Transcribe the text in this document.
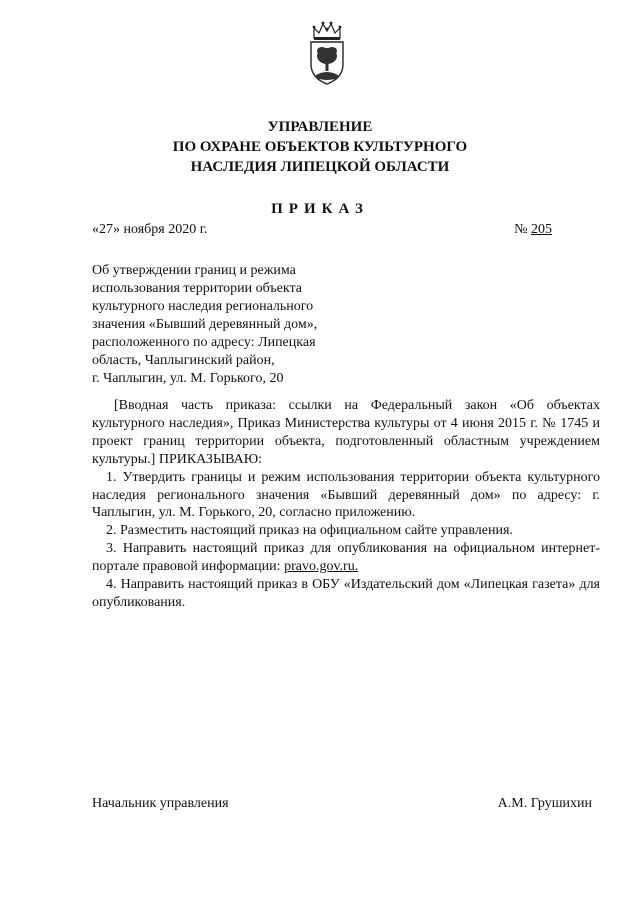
УПРАВЛЕНИЕ
ПО ОХРАНЕ ОБЪЕКТОВ КУЛЬТУРНОГО
НАСЛЕДИЯ ЛИПЕЦКОЙ ОБЛАСТИ
ПРИКАЗ
«27» ноября 2020 г.	№ 205
Об утверждении границ и режима
использования территории объекта
культурного наследия регионального
значения «Бывший деревянный дом»,
расположенного по адресу: Липецкая
область, Чаплыгинский район,
г. Чаплыгин, ул. М. Горького, 20

[Вводная часть приказа: ссылки на Федеральный закон «Об объектах культурного наследия», Приказ Министерства культуры от 4 июня 2015 г. № 1745 и проект границ территории объекта, подготовленный областным учреждением культуры.] ПРИКАЗЫВАЮ:

1. Утвердить границы и режим использования территории объекта культурного наследия регионального значения «Бывший деревянный дом» по адресу: г. Чаплыгин, ул. М. Горького, 20, согласно приложению.

2. Разместить настоящий приказ на официальном сайте управления.

3. Направить настоящий приказ для опубликования на официальном интернет-портале правовой информации: pravo.gov.ru.

4. Направить настоящий приказ в ОБУ «Издательский дом «Липецкая газета» для опубликования.

Начальник управления	А.М. Грушихин
